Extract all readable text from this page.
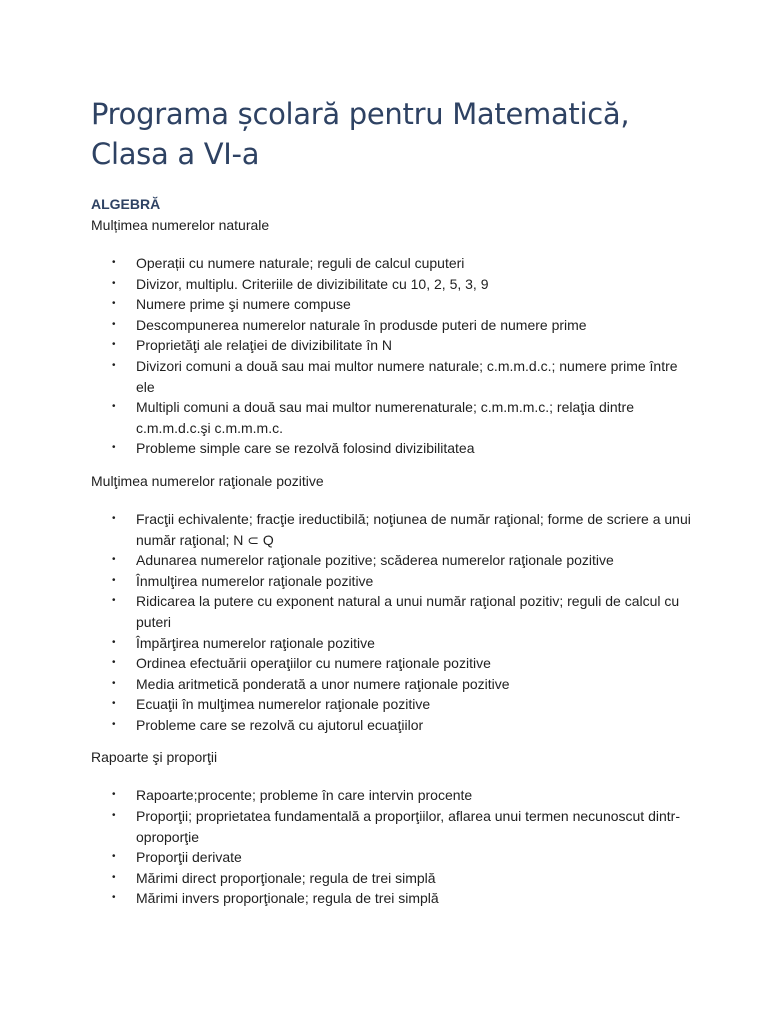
Programa școlară pentru Matematică, Clasa a VI-a

ALGEBRĂ

Mulțimea numerelor naturale

• Operații cu numere naturale; reguli de calcul cuputeri
• Divizor, multiplu. Criteriile de divizibilitate cu 10, 2, 5, 3, 9
• Numere prime şi numere compuse
• Descompunerea numerelor naturale în produsde puteri de numere prime
• Proprietăţi ale relaţiei de divizibilitate în N
• Divizori comuni a două sau mai multor numere naturale; c.m.m.d.c.; numere prime între ele
• Multipli comuni a două sau mai multor numerenaturale; c.m.m.m.c.; relaţia dintre c.m.m.d.c.şi c.m.m.m.c.
• Probleme simple care se rezolvă folosind divizibilitatea

Mulţimea numerelor raţionale pozitive

• Fracţii echivalente; fracţie ireductibilă; noţiunea de număr raţional; forme de scriere a unui număr raţional; N ⊂ Q
• Adunarea numerelor raţionale pozitive; scăderea numerelor raţionale pozitive
• Înmulţirea numerelor raţionale pozitive
• Ridicarea la putere cu exponent natural a unui număr raţional pozitiv; reguli de calcul cu puteri
• Împărţirea numerelor raţionale pozitive
• Ordinea efectuării operaţiilor cu numere raţionale pozitive
• Media aritmetică ponderată a unor numere raţionale pozitive
• Ecuaţii în mulţimea numerelor raţionale pozitive
• Probleme care se rezolvă cu ajutorul ecuaţiilor

Rapoarte şi proporţii

• Rapoarte;procente; probleme în care intervin procente
• Proporţii; proprietatea fundamentală a proporţiilor, aflarea unui termen necunoscut dintr-oproporţie
• Proporţii derivate
• Mărimi direct proporţionale; regula de trei simplă
• Mărimi invers proporţionale; regula de trei simplă
